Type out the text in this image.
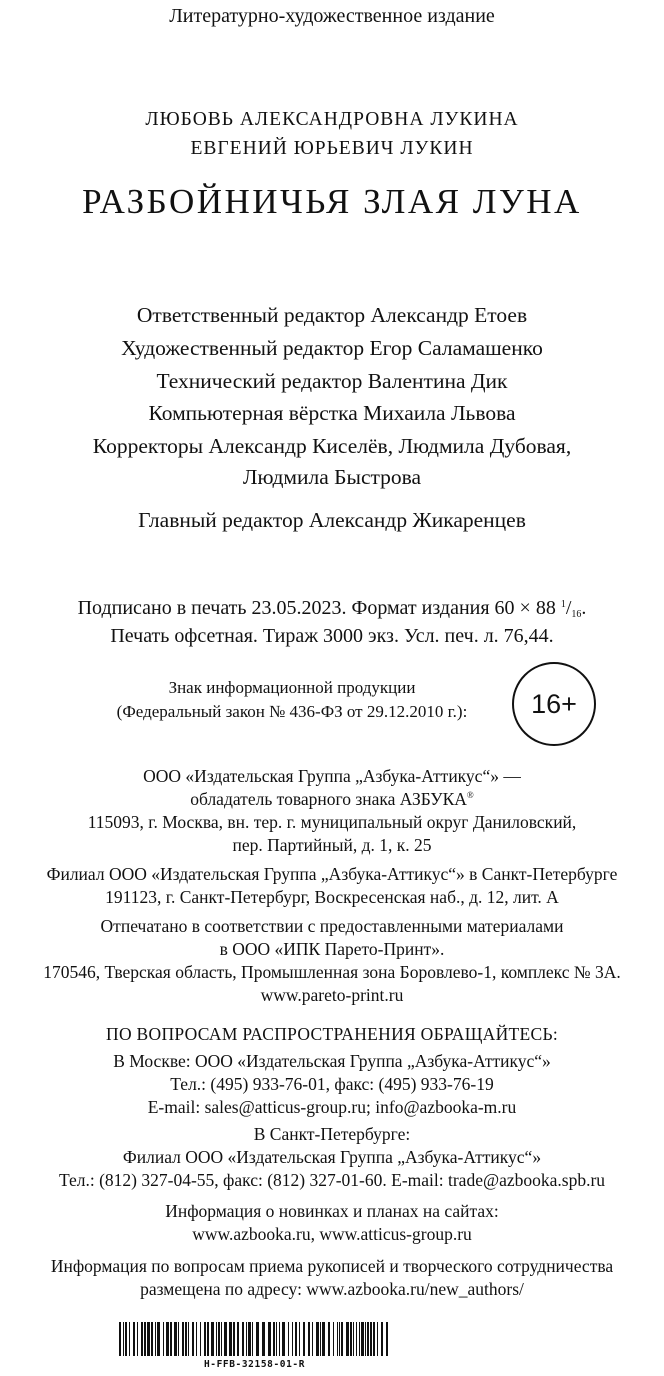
Литературно-художественное издание
ЛЮБОВЬ АЛЕКСАНДРОВНА ЛУКИНА
ЕВГЕНИЙ ЮРЬЕВИЧ ЛУКИН
РАЗБОЙНИЧЬЯ ЗЛАЯ ЛУНА
Ответственный редактор Александр Етоев
Художественный редактор Егор Саламашенко
Технический редактор Валентина Дик
Компьютерная вёрстка Михаила Львова
Корректоры Александр Киселёв, Людмила Дубовая,
Людмила Быстрова
Главный редактор Александр Жикаренцев
Подписано в печать 23.05.2023. Формат издания 60 × 88 $^1/_{16}$.
Печать офсетная. Тираж 3000 экз. Усл. печ. л. 76,44.
Знак информационной продукции
(Федеральный закон № 436-ФЗ от 29.12.2010 г.):	16+
ООО «Издательская Группа „Азбука-Аттикус“» —
обладатель товарного знака АЗБУКА®
115093, г. Москва, вн. тер. г. муниципальный округ Даниловский,
пер. Партийный, д. 1, к. 25
Филиал ООО «Издательская Группа „Азбука-Аттикус“» в Санкт-Петербурге
191123, г. Санкт-Петербург, Воскресенская наб., д. 12, лит. А
Отпечатано в соответствии с предоставленными материалами
в ООО «ИПК Парето-Принт».
170546, Тверская область, Промышленная зона Боровлево-1, комплекс № 3А.
www.pareto-print.ru
ПО ВОПРОСАМ РАСПРОСТРАНЕНИЯ ОБРАЩАЙТЕСЬ:
В Москве: ООО «Издательская Группа „Азбука-Аттикус“»
Тел.: (495) 933-76-01, факс: (495) 933-76-19
E-mail: sales@atticus-group.ru; info@azbooka-m.ru
В Санкт-Петербурге:
Филиал ООО «Издательская Группа „Азбука-Аттикус“»
Тел.: (812) 327-04-55, факс: (812) 327-01-60. E-mail: trade@azbooka.spb.ru
Информация о новинках и планах на сайтах:
www.azbooka.ru, www.atticus-group.ru
Информация по вопросам приема рукописей и творческого сотрудничества
размещена по адресу: www.azbooka.ru/new_authors/
H-FFB-32158-01-R
